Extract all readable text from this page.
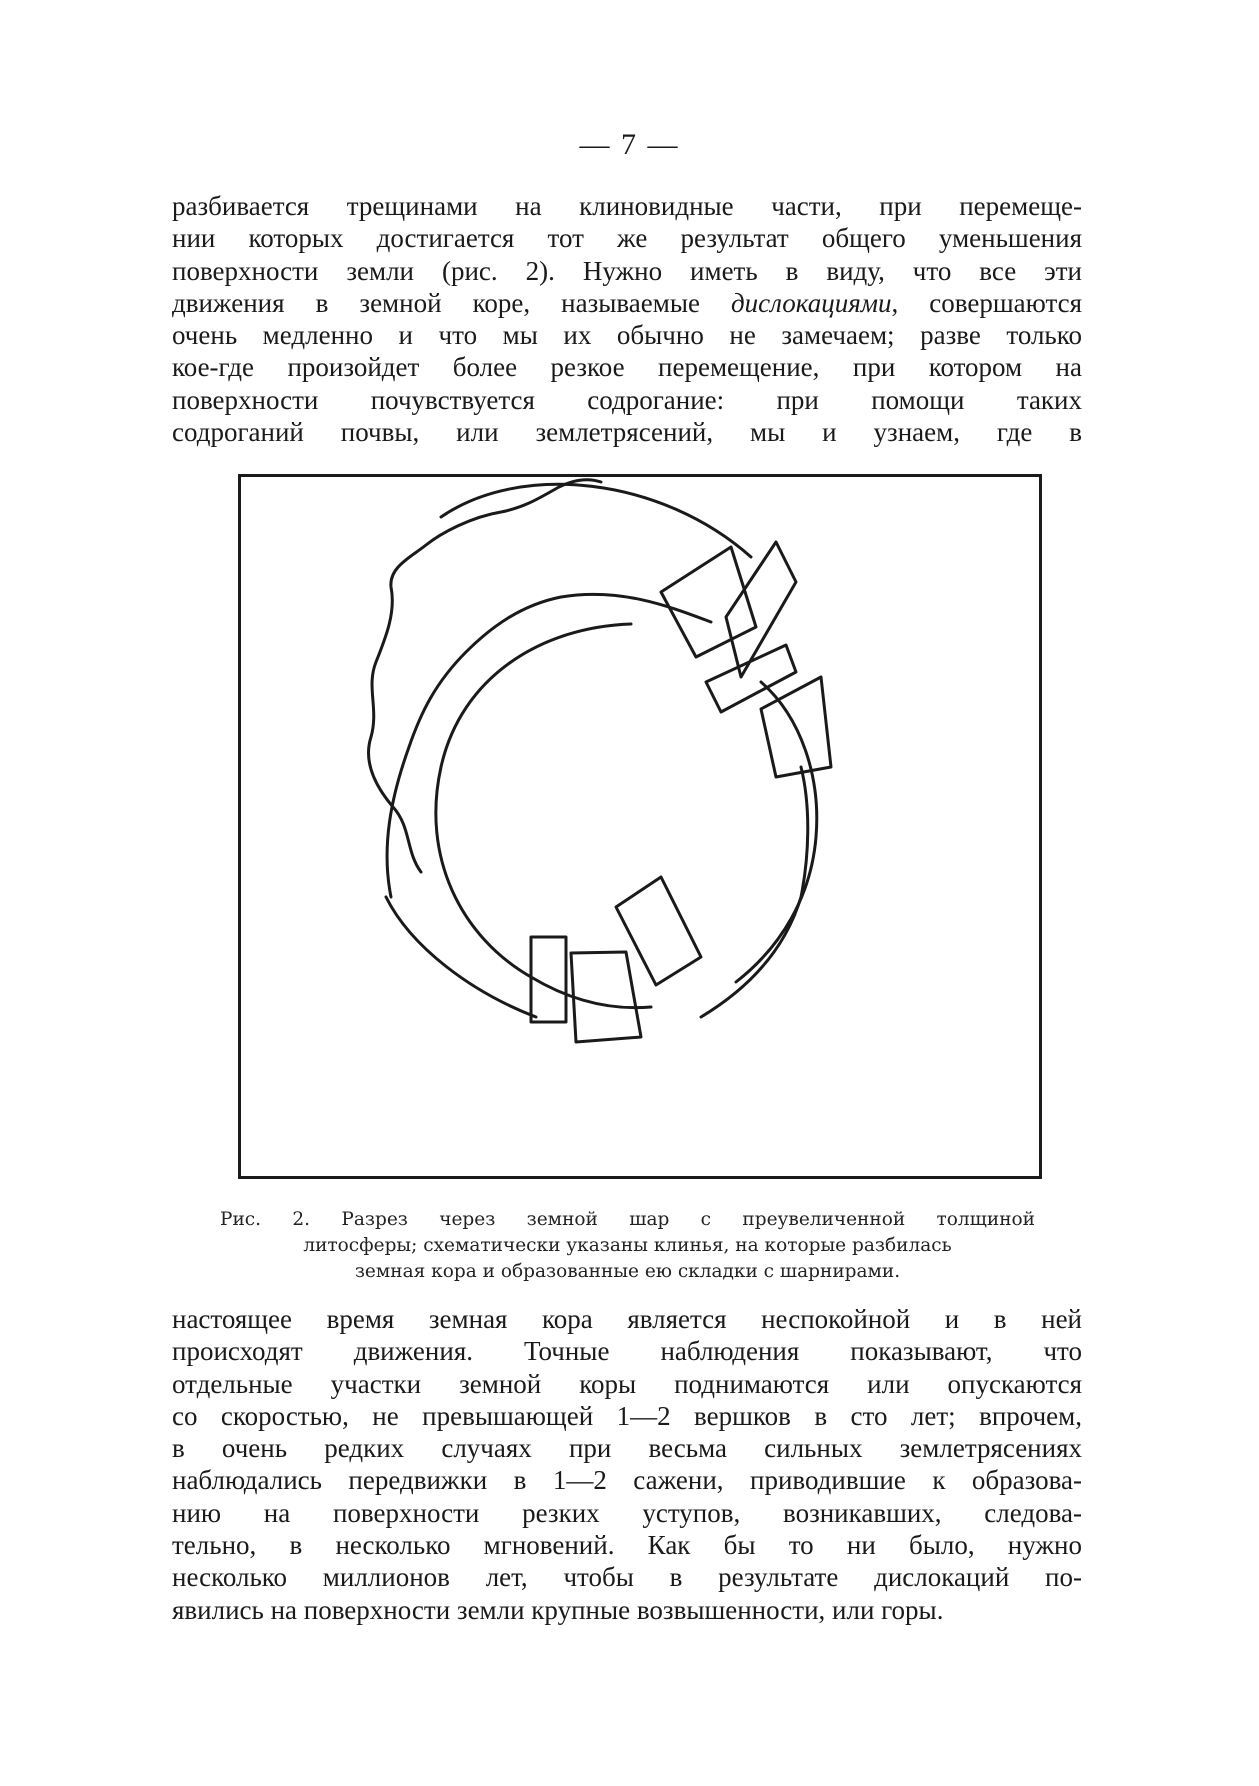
— 7 —
разбивается трещинами на клиновидные части, при перемеще-
нии которых достигается тот же результат общего уменьшения
поверхности земли (рис. 2). Нужно иметь в виду, что все эти
движения в земной коре, называемые дислокациями, совершаются
очень медленно и что мы их обычно не замечаем; разве только
кое-где произойдет более резкое перемещение, при котором на
поверхности почувствуется содрогание: при помощи таких
содроганий почвы, или землетрясений, мы и узнаем, где в
Рис. 2. Разрез через земной шар с преувеличенной толщиной
литосферы; схематически указаны клинья, на которые разбилась
земная кора и образованные ею складки с шарнирами.
настоящее время земная кора является неспокойной и в ней
происходят движения. Точные наблюдения показывают, что
отдельные участки земной коры поднимаются или опускаются
со скоростью, не превышающей 1—2 вершков в сто лет; впрочем,
в очень редких случаях при весьма сильных землетрясениях
наблюдались передвижки в 1—2 сажени, приводившие к образова-
нию на поверхности резких уступов, возникавших, следова-
тельно, в несколько мгновений. Как бы то ни было, нужно
несколько миллионов лет, чтобы в результате дислокаций по-
явились на поверхности земли крупные возвышенности, или горы.
